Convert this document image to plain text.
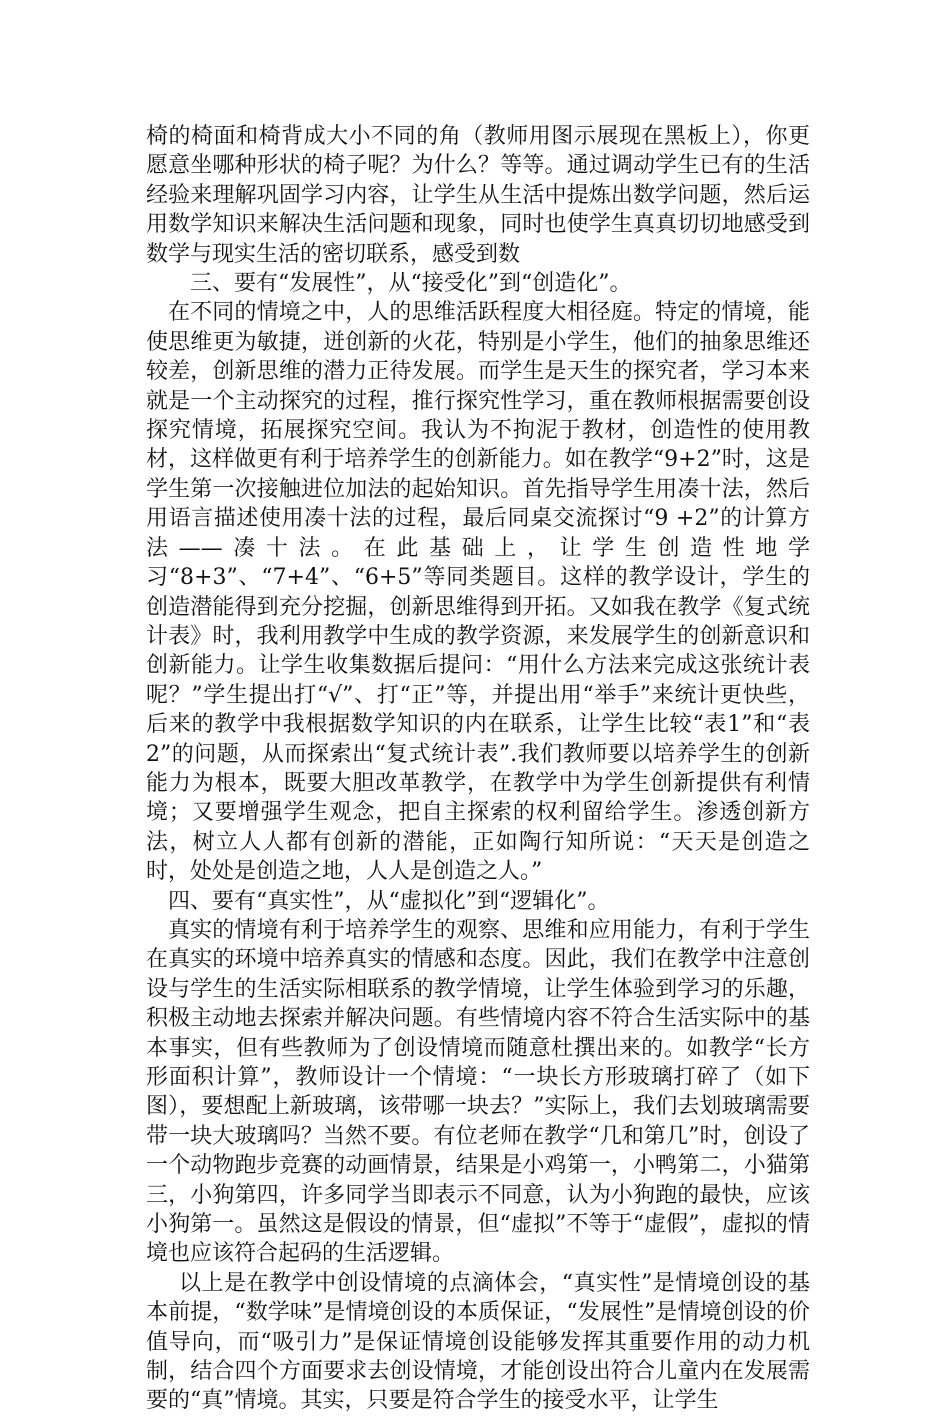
椅的椅面和椅背成大小不同的角（教师用图示展现在黑板上），你更愿意坐哪种形状的椅子呢？为什么？等等。通过调动学生已有的生活经验来理解巩固学习内容，让学生从生活中提炼出数学问题，然后运用数学知识来解决生活问题和现象，同时也使学生真真切切地感受到数学与现实生活的密切联系，感受到数

三、要有“发展性”，从“接受化”到“创造化”。

在不同的情境之中，人的思维活跃程度大相径庭。特定的情境，能使思维更为敏捷，迸创新的火花，特别是小学生，他们的抽象思维还较差，创新思维的潜力正待发展。而学生是天生的探究者，学习本来就是一个主动探究的过程，推行探究性学习，重在教师根据需要创设探究情境，拓展探究空间。我认为不拘泥于教材，创造性的使用教材，这样做更有利于培养学生的创新能力。如在教学“9+2”时，这是学生第一次接触进位加法的起始知识。首先指导学生用凑十法，然后用语言描述使用凑十法的过程，最后同桌交流探讨“9 +2”的计算方法——凑十法。在此基础上，让学生创造性地学习“8+3”、“7+4”、“6+5”等同类题目。这样的教学设计，学生的创造潜能得到充分挖掘，创新思维得到开拓。又如我在教学《复式统计表》时，我利用教学中生成的教学资源，来发展学生的创新意识和创新能力。让学生收集数据后提问：“用什么方法来完成这张统计表呢？”学生提出打“√”、打“正”等，并提出用“举手”来统计更快些，后来的教学中我根据数学知识的内在联系，让学生比较“表1”和“表2”的问题，从而探索出“复式统计表”.我们教师要以培养学生的创新能力为根本，既要大胆改革教学，在教学中为学生创新提供有利情境；又要增强学生观念，把自主探索的权利留给学生。渗透创新方法，树立人人都有创新的潜能，正如陶行知所说：“天天是创造之时，处处是创造之地，人人是创造之人。”

四、要有“真实性”，从“虚拟化”到“逻辑化”。

真实的情境有利于培养学生的观察、思维和应用能力，有利于学生在真实的环境中培养真实的情感和态度。因此，我们在教学中注意创设与学生的生活实际相联系的教学情境，让学生体验到学习的乐趣，积极主动地去探索并解决问题。有些情境内容不符合生活实际中的基本事实，但有些教师为了创设情境而随意杜撰出来的。如教学“长方形面积计算”，教师设计一个情境：“一块长方形玻璃打碎了（如下图），要想配上新玻璃，该带哪一块去？”实际上，我们去划玻璃需要带一块大玻璃吗？当然不要。有位老师在教学“几和第几”时，创设了一个动物跑步竞赛的动画情景，结果是小鸡第一，小鸭第二，小猫第三，小狗第四，许多同学当即表示不同意，认为小狗跑的最快，应该小狗第一。虽然这是假设的情景，但“虚拟”不等于“虚假”，虚拟的情境也应该符合起码的生活逻辑。

以上是在教学中创设情境的点滴体会，“真实性”是情境创设的基本前提，“数学味”是情境创设的本质保证，“发展性”是情境创设的价值导向，而“吸引力”是保证情境创设能够发挥其重要作用的动力机制，结合四个方面要求去创设情境，才能创设出符合儿童内在发展需要的“真”情境。其实，只要是符合学生的接受水平，让学生
